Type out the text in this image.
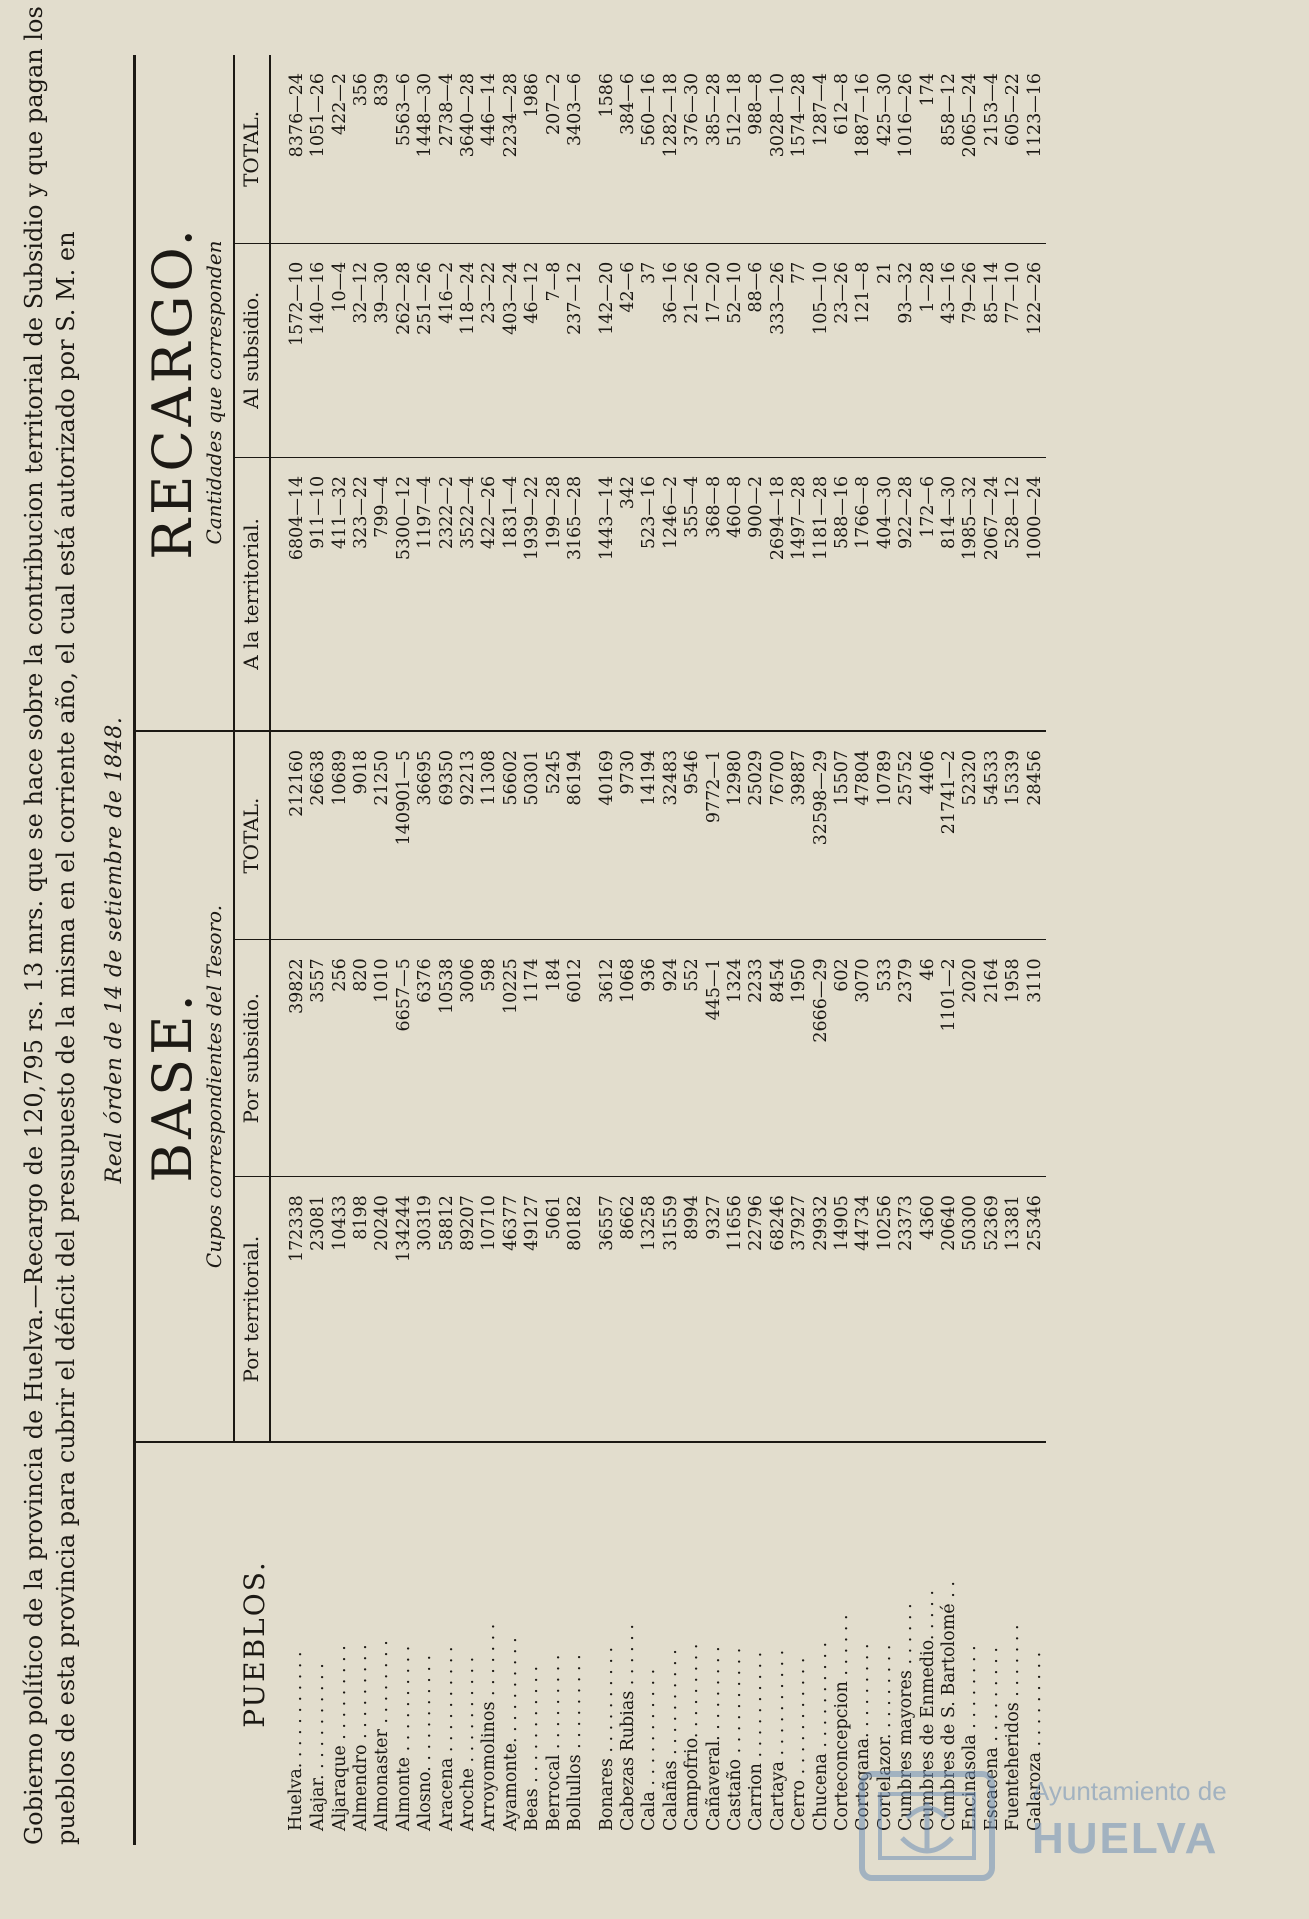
Gobierno político de la provincia de Huelva.—Recargo de 120,795 rs. 13 mrs. que se hace sobre la contribucion territorial de Subsidio y que pagan los pueblos de esta provincia para cubrir el déficit del presupuesto de la misma en el corriente año, el cual está autorizado por S. M. en Real órden de 14 de setiembre de 1848.
PUEBLOS.	BASE.			RECARGO.		
	Cupos correspondientes del Tesoro.			Cantidades que corresponden		
	Por territorial.	Por subsidio.	TOTAL.	A la territorial.	Al subsidio.	TOTAL.
Huelva. . . . . . . . . . .	172338	39822	212160	6804—14	1572—10	8376—24
Alajar. . . . . . . . . . .	23081	3557	26638	911—10	140—16	1051—26
Aljaraque . . . . . . . . .	10433	256	10689	411—32	10—4	422—2
Almendro . . . . . . . . .	8198	820	9018	323—22	32—12	356
Almonaster . . . . . . . .	20240	1010	21250	799—4	39—30	839
Almonte . . . . . . . . . .	134244	6657—5	140901—5	5300—12	262—28	5563—6
Alosno. . . . . . . . . . .	30319	6376	36695	1197—4	251—26	1448—30
Aracena . . . . . . . . . .	58812	10538	69350	2322—2	416—2	2738—4
Aroche . . . . . . . . . .	89207	3006	92213	3522—4	118—24	3640—28
Arroyomolinos . . . . . . .	10710	598	11308	422—26	23—22	446—14
Ayamonte. . . . . . . . . .	46377	10225	56602	1831—4	403—24	2234—28
Beas . . . . . . . . . . .	49127	1174	50301	1939—22	46—12	1986
Berrocal . . . . . . . . .	5061	184	5245	199—28	7—8	207—2
Bollullos . . . . . . . . .	80182	6012	86194	3165—28	237—12	3403—6
Bonares . . . . . . . . . .	36557	3612	40169	1443—14	142—20	1586
Cabezas Rubias . . . . . .	8662	1068	9730	342	42—6	384—6
Cala . . . . . . . . . . .	13258	936	14194	523—16	37	560—16
Calañas . . . . . . . . . .	31559	924	32483	1246—2	36—16	1282—18
Campofrio. . . . . . . . .	8994	552	9546	355—4	21—26	376—30
Cañaveral. . . . . . . . .	9327	445—1	9772—1	368—8	17—20	385—28
Castaño . . . . . . . . . .	11656	1324	12980	460—8	52—10	512—18
Carrion . . . . . . . . . .	22796	2233	25029	900—2	88—6	988—8
Cartaya . . . . . . . . . .	68246	8454	76700	2694—18	333—26	3028—10
Cerro . . . . . . . . . . .	37927	1950	39887	1497—28	77	1574—28
Chucena . . . . . . . . . .	29932	2666—29	32598—29	1181—28	105—10	1287—4
Corteconcepcion . . . . . .	14905	602	15507	588—16	23—26	612—8
Cortegana. . . . . . . . .	44734	3070	47804	1766—8	121—8	1887—16
Cortelazor. . . . . . . . .	10256	533	10789	404—30	21	425—30
Cumbres mayores . . . . . .	23373	2379	25752	922—28	93—32	1016—26
Cumbres de Enmedio. . . . .	4360	46	4406	172—6	1—28	174
Cumbres de S. Bartolomé . .	20640	1101—2	21741—2	814—30	43—16	858—12
Encinasola . . . . . . . .	50300	2020	52320	1985—32	79—26	2065—24
Escacena . . . . . . . . .	52369	2164	54533	2067—24	85—14	2153—4
Fuenteheridos . . . . . . .	13381	1958	15339	528—12	77—10	605—22
Galaroza . . . . . . . . .	25346	3110	28456	1000—24	122—26	1123—16
Ayuntamiento de
HUELVA
